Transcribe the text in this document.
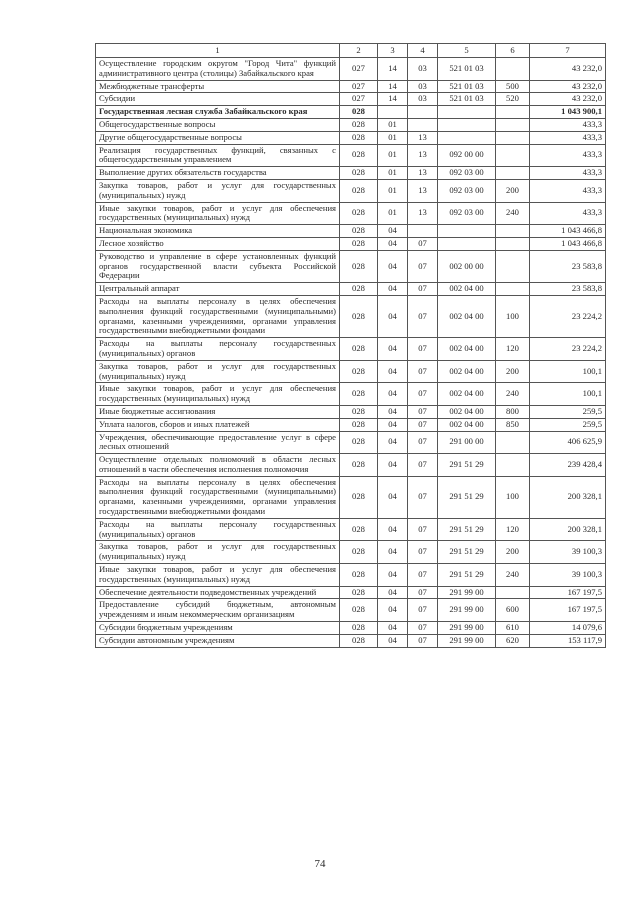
1	2	3	4	5	6	7
Осуществление городским округом "Город Чита" функций административного центра (столицы) Забайкальского края	027	14	03	521 01 03		43 232,0
Межбюджетные трансферты	027	14	03	521 01 03	500	43 232,0
Субсидии	027	14	03	521 01 03	520	43 232,0
Государственная лесная служба Забайкальского края	028					1 043 900,1
Общегосударственные вопросы	028	01				433,3
Другие общегосударственные вопросы	028	01	13			433,3
Реализация государственных функций, связанных с общегосударственным управлением	028	01	13	092 00 00		433,3
Выполнение других обязательств государства	028	01	13	092 03 00		433,3
Закупка товаров, работ и услуг для государственных (муниципальных) нужд	028	01	13	092 03 00	200	433,3
Иные закупки товаров, работ и услуг для обеспечения государственных (муниципальных) нужд	028	01	13	092 03 00	240	433,3
Национальная экономика	028	04				1 043 466,8
Лесное хозяйство	028	04	07			1 043 466,8
Руководство и управление в сфере установленных функций органов государственной власти субъекта Российской Федерации	028	04	07	002 00 00		23 583,8
Центральный аппарат	028	04	07	002 04 00		23 583,8
Расходы на выплаты персоналу в целях обеспечения выполнения функций государственными (муниципальными) органами, казенными учреждениями, органами управления государственными внебюджетными фондами	028	04	07	002 04 00	100	23 224,2
Расходы на выплаты персоналу государственных (муниципальных) органов	028	04	07	002 04 00	120	23 224,2
Закупка товаров, работ и услуг для государственных (муниципальных) нужд	028	04	07	002 04 00	200	100,1
Иные закупки товаров, работ и услуг для обеспечения государственных (муниципальных) нужд	028	04	07	002 04 00	240	100,1
Иные бюджетные ассигнования	028	04	07	002 04 00	800	259,5
Уплата налогов, сборов и иных платежей	028	04	07	002 04 00	850	259,5
Учреждения, обеспечивающие предоставление услуг в сфере лесных отношений	028	04	07	291 00 00		406 625,9
Осуществление отдельных полномочий в области лесных отношений в части обеспечения исполнения полномочия	028	04	07	291 51 29		239 428,4
Расходы на выплаты персоналу в целях обеспечения выполнения функций государственными (муниципальными) органами, казенными учреждениями, органами управления государственными внебюджетными фондами	028	04	07	291 51 29	100	200 328,1
Расходы на выплаты персоналу государственных (муниципальных) органов	028	04	07	291 51 29	120	200 328,1
Закупка товаров, работ и услуг для государственных (муниципальных) нужд	028	04	07	291 51 29	200	39 100,3
Иные закупки товаров, работ и услуг для обеспечения государственных (муниципальных) нужд	028	04	07	291 51 29	240	39 100,3
Обеспечение деятельности подведомственных учреждений	028	04	07	291 99 00		167 197,5
Предоставление субсидий бюджетным, автономным учреждениям и иным некоммерческим организациям	028	04	07	291 99 00	600	167 197,5
Субсидии бюджетным учреждениям	028	04	07	291 99 00	610	14 079,6
Субсидии автономным учреждениям	028	04	07	291 99 00	620	153 117,9
74
